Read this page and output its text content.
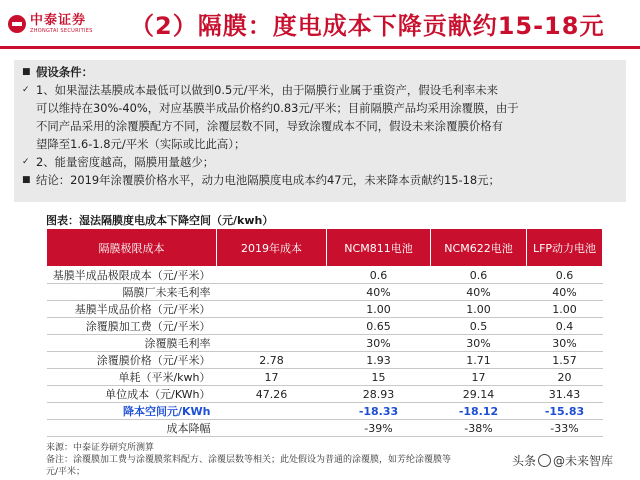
中泰证券
ZHONGTAI SECURITIES （2）隔膜：度电成本下降贡献约15-18元
■ 假设条件：
✓ 1、如果湿法基膜成本最低可以做到0.5元/平米，由于隔膜行业属于重资产，假设毛利率未来
可以维持在30%-40%，对应基膜半成品价格约0.83元/平米；目前隔膜产品均采用涂覆膜，由于
不同产品采用的涂覆膜配方不同，涂覆层数不同，导致涂覆成本不同，假设未来涂覆膜价格有
望降至1.6-1.8元/平米（实际或比此高）；
✓ 2、能量密度越高，隔膜用量越少；
■ 结论：2019年涂覆膜价格水平，动力电池隔膜度电成本约47元，未来降本贡献约15-18元；
图表：湿法隔膜度电成本下降空间（元/kwh）
隔膜极限成本	2019年成本	NCM811电池	NCM622电池	LFP动力电池
基膜半成品极限成本（元/平米）		0.6	0.6	0.6
隔膜厂未来毛利率		40%	40%	40%
基膜半成品价格（元/平米）		1.00	1.00	1.00
涂覆膜加工费（元/平米）		0.65	0.5	0.4
涂覆膜毛利率		30%	30%	30%
涂覆膜价格（元/平米）	2.78	1.93	1.71	1.57
单耗（平米/kwh）	17	15	17	20
单位成本（元/KWh）	47.26	28.93	29.14	31.43
降本空间元/KWh		-18.33	-18.12	-15.83
成本降幅		-39%	-38%	-33%
来源：中泰证券研究所测算
备注：涂覆膜加工费与涂覆膜浆料配方、涂覆层数等相关；此处假设为普通的涂覆膜，如芳纶涂覆膜等
元/平米；
头条 @未来智库
